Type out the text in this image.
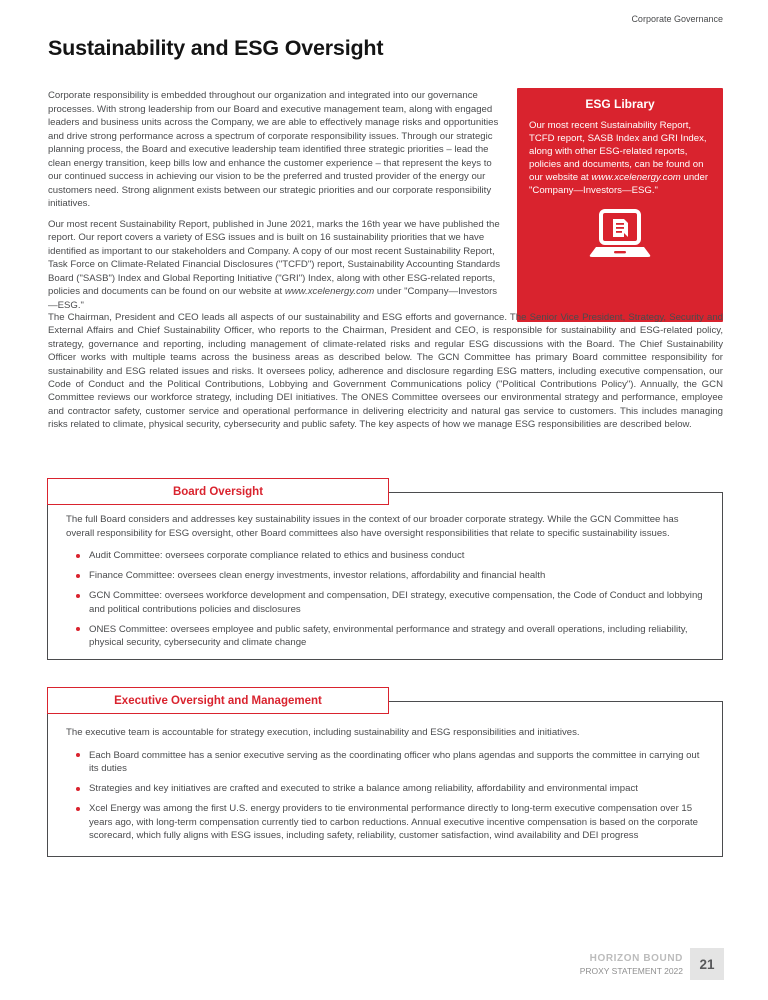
Corporate Governance
Sustainability and ESG Oversight

Corporate responsibility is embedded throughout our organization and integrated into our governance processes. With strong leadership from our Board and executive management team, along with engaged leaders and business units across the Company, we are able to effectively manage risks and opportunities and drive strong performance across a spectrum of corporate responsibility issues. Through our strategic planning process, the Board and executive leadership team identified three strategic priorities – lead the clean energy transition, keep bills low and enhance the customer experience – that represent the keys to our continued success in achieving our vision to be the preferred and trusted provider of the energy our customers need. Strong alignment exists between our strategic priorities and our corporate responsibility initiatives.

Our most recent Sustainability Report, published in June 2021, marks the 16th year we have published the report. Our report covers a variety of ESG issues and is built on 16 sustainability priorities that we have identified as important to our stakeholders and Company. A copy of our most recent Sustainability Report, Task Force on Climate-Related Financial Disclosures ("TCFD") report, Sustainability Accounting Standards Board ("SASB") Index and Global Reporting Initiative ("GRI") Index, along with other ESG-related reports, policies and documents can be found on our website at www.xcelenergy.com under "Company—Investors—ESG."

ESG Library
Our most recent Sustainability Report, TCFD report, SASB Index and GRI Index, along with other ESG-related reports, policies and documents, can be found on our website at www.xcelenergy.com under "Company—Investors—ESG."

The Chairman, President and CEO leads all aspects of our sustainability and ESG efforts and governance. The Senior Vice President, Strategy, Security and External Affairs and Chief Sustainability Officer, who reports to the Chairman, President and CEO, is responsible for sustainability and ESG-related policy, strategy, governance and reporting, including management of climate-related risks and regular ESG discussions with the Board. The Chief Sustainability Officer works with multiple teams across the business areas as described below. The GCN Committee has primary Board committee responsibility for sustainability and ESG related issues and risks. It oversees policy, adherence and disclosure regarding ESG matters, including executive compensation, our Code of Conduct and the Political Contributions, Lobbying and Government Communications policy ("Political Contributions Policy"). Annually, the GCN Committee reviews our workforce strategy, including DEI initiatives. The ONES Committee oversees our environmental strategy and performance, employee and contractor safety, customer service and operational performance in delivering electricity and natural gas service to customers. This includes managing risks related to climate, physical security, cybersecurity and public safety. The key aspects of how we manage ESG responsibilities are described below.

The full Board considers and addresses key sustainability issues in the context of our broader corporate strategy. While the GCN Committee has overall responsibility for ESG oversight, other Board committees also have oversight responsibilities that relate to specific sustainability issues.

Audit Committee: oversees corporate compliance related to ethics and business conduct
Finance Committee: oversees clean energy investments, investor relations, affordability and financial health
GCN Committee: oversees workforce development and compensation, DEI strategy, executive compensation, the Code of Conduct and lobbying and political contributions policies and disclosures
ONES Committee: oversees employee and public safety, environmental performance and strategy and overall operations, including reliability, physical security, cybersecurity and climate change
Board Oversight

The executive team is accountable for strategy execution, including sustainability and ESG responsibilities and initiatives.

Each Board committee has a senior executive serving as the coordinating officer who plans agendas and supports the committee in carrying out its duties
Strategies and key initiatives are crafted and executed to strike a balance among reliability, affordability and environmental impact
Xcel Energy was among the first U.S. energy providers to tie environmental performance directly to long-term executive compensation over 15 years ago, with long-term compensation currently tied to carbon reductions. Annual executive incentive compensation is based on the corporate scorecard, which fully aligns with ESG issues, including safety, reliability, customer satisfaction, wind availability and DEI progress
Executive Oversight and Management
HORIZON BOUND
PROXY STATEMENT 2022	21
